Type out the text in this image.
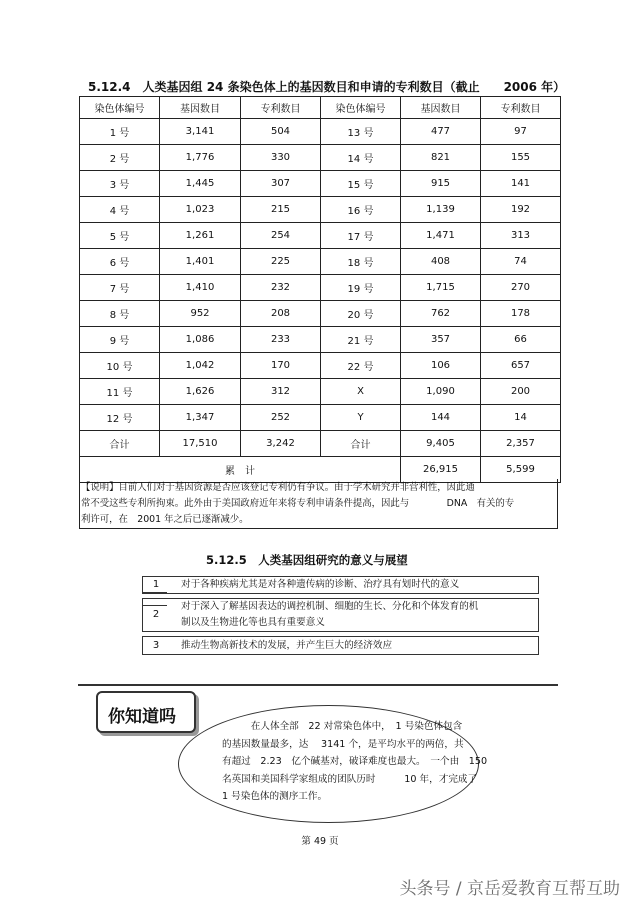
5.12.4　人类基因组 24 条染色体上的基因数目和申请的专利数目（截止　　2006 年）
染色体编号	基因数目	专利数目	染色体编号	基因数目	专利数目
1 号	3,141	504	13 号	477	97
2 号	1,776	330	14 号	821	155
3 号	1,445	307	15 号	915	141
4 号	1,023	215	16 号	1,139	192
5 号	1,261	254	17 号	1,471	313
6 号	1,401	225	18 号	408	74
7 号	1,410	232	19 号	1,715	270
8 号	952	208	20 号	762	178
9 号	1,086	233	21 号	357	66
10 号	1,042	170	22 号	106	657
11 号	1,626	312	X	1,090	200
12 号	1,347	252	Y	144	14
合计	17,510	3,242	合计	9,405	2,357
累　计				26,915	5,599
【说明】目前人们对于基因资源是否应该登记专利仍有争议。由于学术研究并非营利性，因此通
常不受这些专利所拘束。此外由于美国政府近年来将专利申请条件提高，因此与　　　　DNA　有关的专
利许可，在　2001 年之后已逐渐减少。
5.12.5　人类基因组研究的意义与展望
1	对于各种疾病尤其是对各种遗传病的诊断、治疗具有划时代的意义
2
对于深入了解基因表达的调控机制、细胞的生长、分化和个体发育的机
制以及生物进化等也具有重要意义
3	推动生物高新技术的发展，并产生巨大的经济效应
你知道吗	　　　在人体全部　22 对常染色体中，　1 号染色体包含
的基因数量最多，达　 3141 个，是平均水平的两倍，共
有超过　2.23　亿个碱基对，破译难度也最大。　一个由　150
名英国和美国科学家组成的团队历时　　　10 年，才完成了
1 号染色体的测序工作。
第 49 页
头条号 / 京岳爱教育互帮互助
